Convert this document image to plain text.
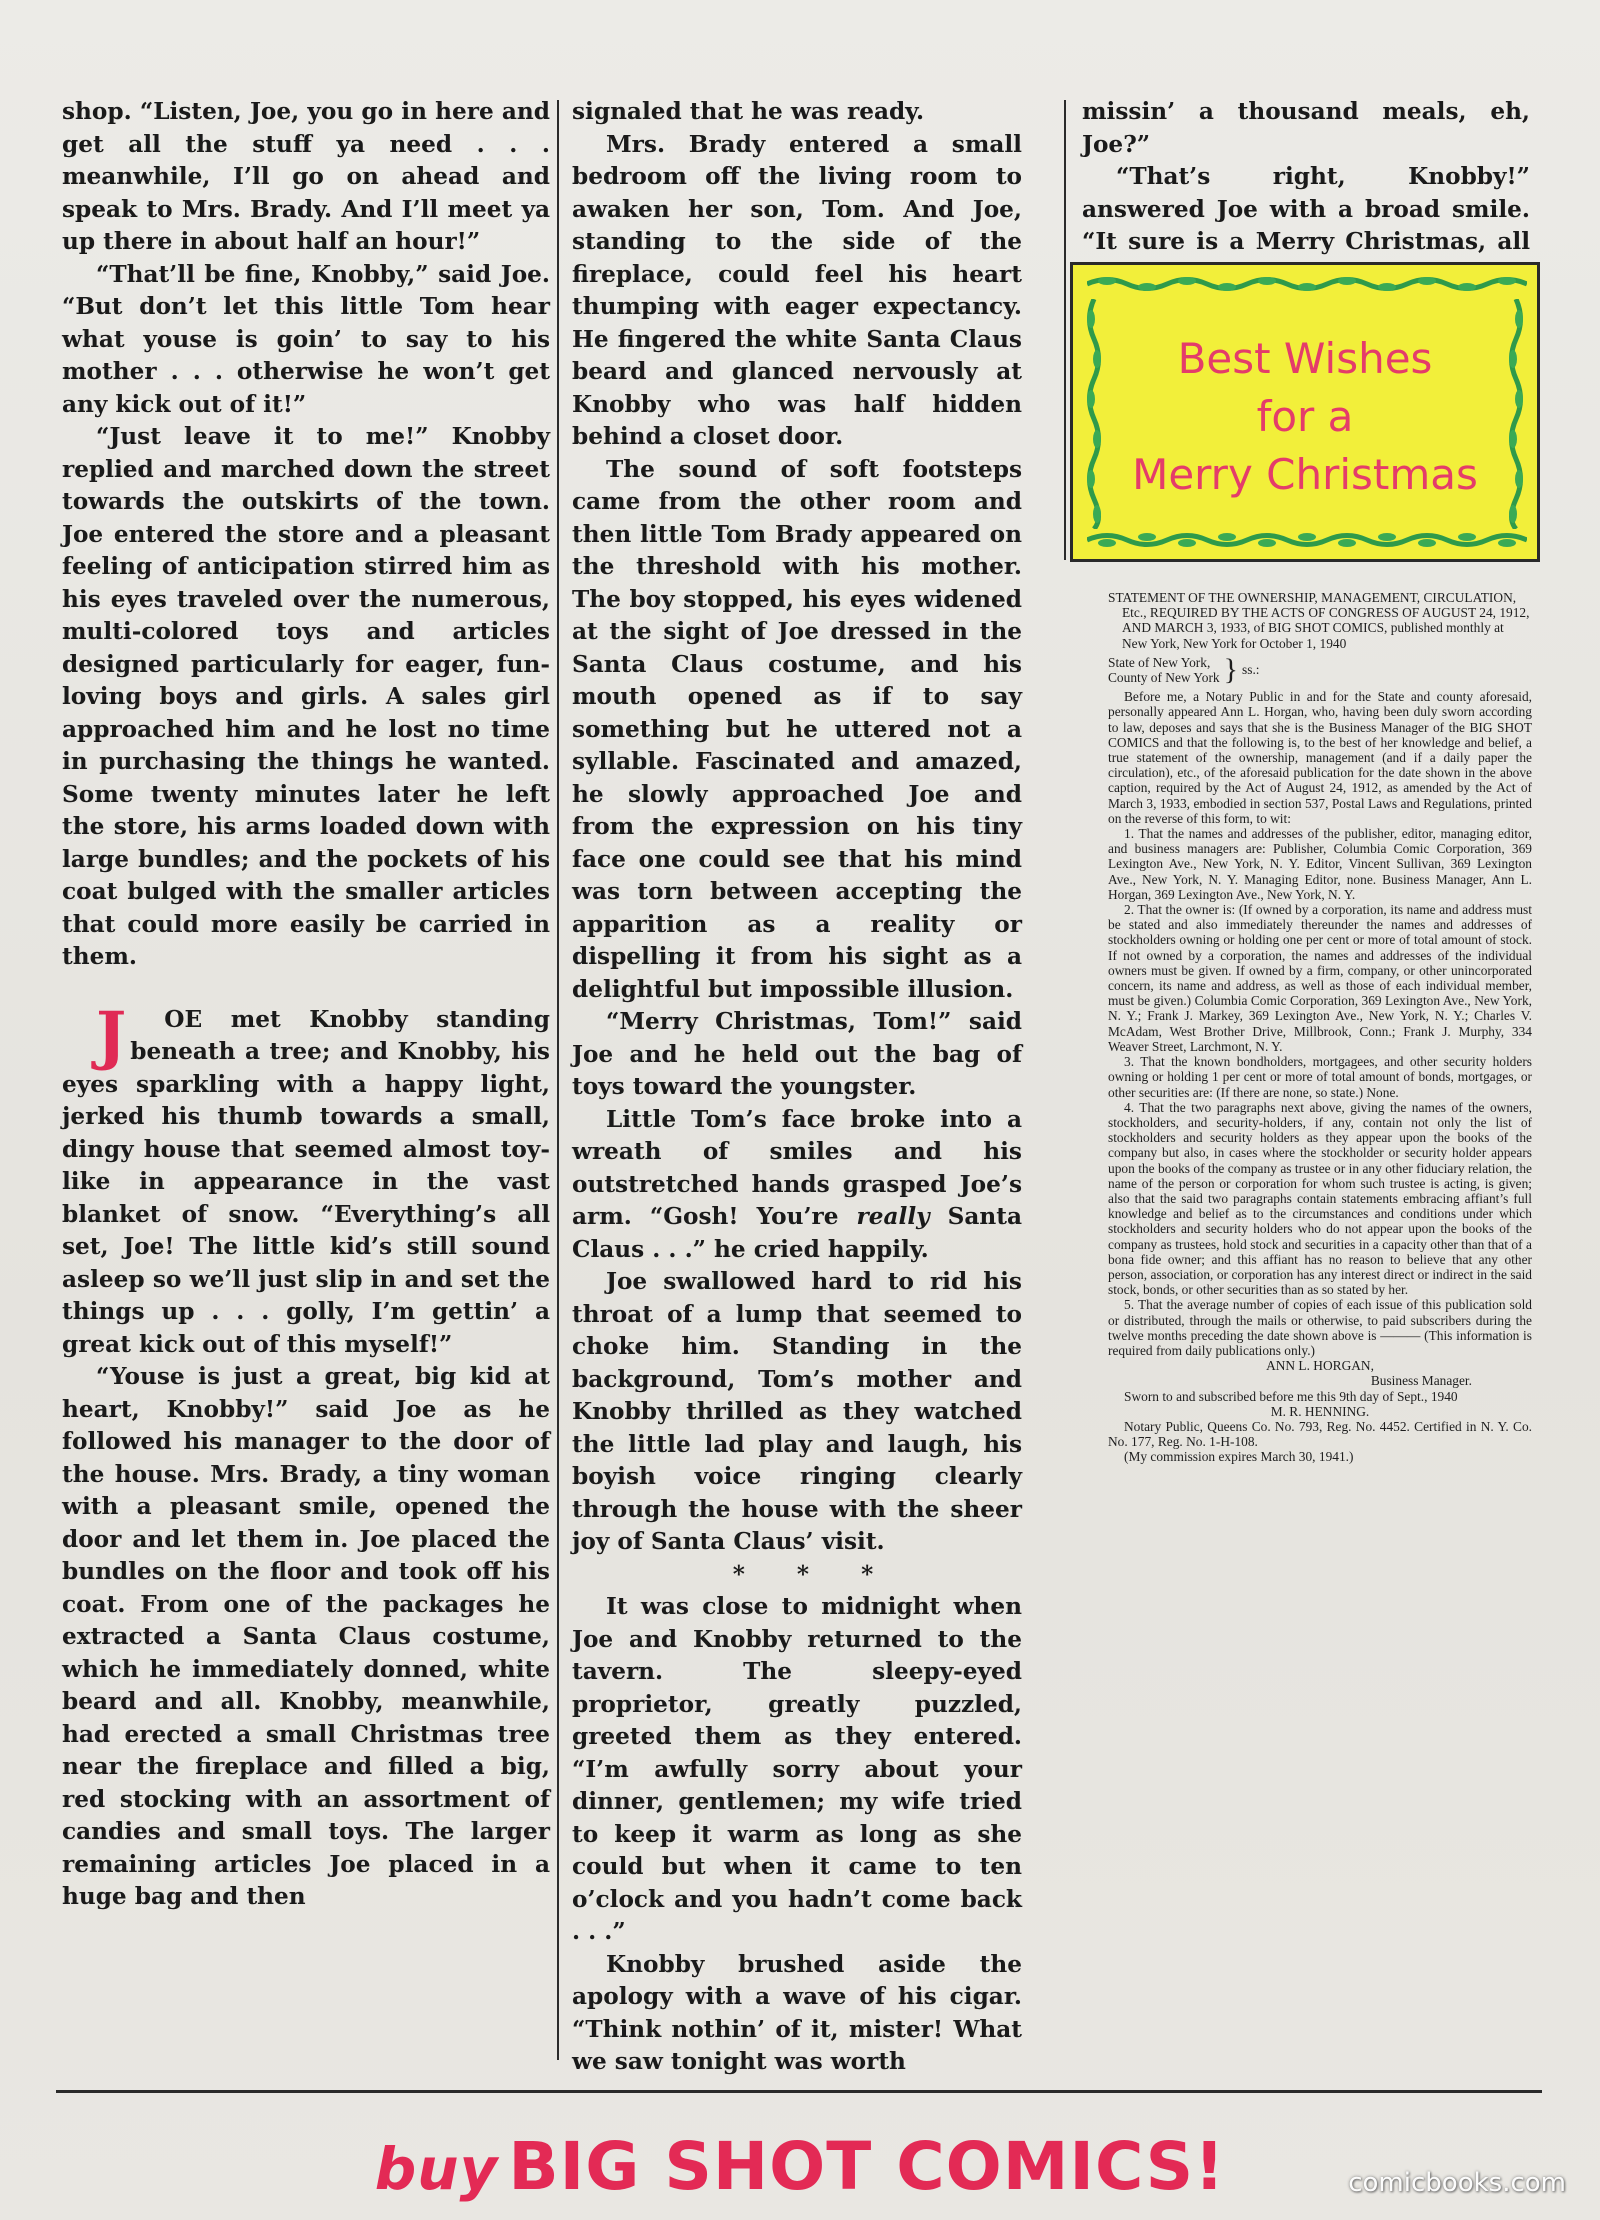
shop. “Listen, Joe, you go in here and get all the stuff ya need . . . meanwhile, I’ll go on ahead and speak to Mrs. Brady. And I’ll meet ya up there in about half an hour!”

“That’ll be fine, Knobby,” said Joe. “But don’t let this little Tom hear what youse is goin’ to say to his mother . . . otherwise he won’t get any kick out of it!”

“Just leave it to me!” Knobby replied and marched down the street towards the outskirts of the town. Joe entered the store and a pleasant feeling of anticipation stirred him as his eyes traveled over the numerous, multi-colored toys and articles designed particularly for eager, fun-loving boys and girls. A sales girl approached him and he lost no time in purchasing the things he wanted. Some twenty minutes later he left the store, his arms loaded down with large bundles; and the pockets of his coat bulged with the smaller articles that could more easily be carried in them.

J OE met Knobby standing beneath a tree; and Knobby, his eyes sparkling with a happy light, jerked his thumb towards a small, dingy house that seemed almost toy-like in appearance in the vast blanket of snow. “Everything’s all set, Joe! The little kid’s still sound asleep so we’ll just slip in and set the things up . . . golly, I’m gettin’ a great kick out of this myself!”

“Youse is just a great, big kid at heart, Knobby!” said Joe as he followed his manager to the door of the house. Mrs. Brady, a tiny woman with a pleasant smile, opened the door and let them in. Joe placed the bundles on the floor and took off his coat. From one of the packages he extracted a Santa Claus costume, which he immediately donned, white beard and all. Knobby, meanwhile, had erected a small Christmas tree near the fireplace and filled a big, red stocking with an assortment of candies and small toys. The larger remaining articles Joe placed in a huge bag and then

signaled that he was ready.

Mrs. Brady entered a small bedroom off the living room to awaken her son, Tom. And Joe, standing to the side of the fireplace, could feel his heart thumping with eager expectancy. He fingered the white Santa Claus beard and glanced nervously at Knobby who was half hidden behind a closet door.

The sound of soft footsteps came from the other room and then little Tom Brady appeared on the threshold with his mother. The boy stopped, his eyes widened at the sight of Joe dressed in the Santa Claus costume, and his mouth opened as if to say something but he uttered not a syllable. Fascinated and amazed, he slowly approached Joe and from the expression on his tiny face one could see that his mind was torn between accepting the apparition as a reality or dispelling it from his sight as a delightful but impossible illusion.

“Merry Christmas, Tom!” said Joe and he held out the bag of toys toward the youngster.

Little Tom’s face broke into a wreath of smiles and his outstretched hands grasped Joe’s arm. “Gosh! You’re really Santa Claus . . .” he cried happily.

Joe swallowed hard to rid his throat of a lump that seemed to choke him. Standing in the background, Tom’s mother and Knobby thrilled as they watched the little lad play and laugh, his boyish voice ringing clearly through the house with the sheer joy of Santa Claus’ visit.

* * *

It was close to midnight when Joe and Knobby returned to the tavern. The sleepy-eyed proprietor, greatly puzzled, greeted them as they entered. “I’m awfully sorry about your dinner, gentlemen; my wife tried to keep it warm as long as she could but when it came to ten o’clock and you hadn’t come back . . .”

Knobby brushed aside the apology with a wave of his cigar. “Think nothin’ of it, mister! What we saw tonight was worth

missin’ a thousand meals, eh, Joe?”

“That’s right, Knobby!” answered Joe with a broad smile. “It sure is a Merry Christmas, all

Best Wishes
for a
Merry Christmas
STATEMENT OF THE OWNERSHIP, MANAGEMENT, CIRCULATION, Etc., REQUIRED BY THE ACTS OF CONGRESS OF AUGUST 24, 1912, AND MARCH 3, 1933, of BIG SHOT COMICS, published monthly at New York, New York for October 1, 1940
State of New York,
County of New York } ss.:

Before me, a Notary Public in and for the State and county aforesaid, personally appeared Ann L. Horgan, who, having been duly sworn according to law, deposes and says that she is the Business Manager of the BIG SHOT COMICS and that the following is, to the best of her knowledge and belief, a true statement of the ownership, management (and if a daily paper the circulation), etc., of the aforesaid publication for the date shown in the above caption, required by the Act of August 24, 1912, as amended by the Act of March 3, 1933, embodied in section 537, Postal Laws and Regulations, printed on the reverse of this form, to wit:

1. That the names and addresses of the publisher, editor, managing editor, and business managers are: Publisher, Columbia Comic Corporation, 369 Lexington Ave., New York, N. Y. Editor, Vincent Sullivan, 369 Lexington Ave., New York, N. Y. Managing Editor, none. Business Manager, Ann L. Horgan, 369 Lexington Ave., New York, N. Y.

2. That the owner is: (If owned by a corporation, its name and address must be stated and also immediately thereunder the names and addresses of stockholders owning or holding one per cent or more of total amount of stock. If not owned by a corporation, the names and addresses of the individual owners must be given. If owned by a firm, company, or other unincorporated concern, its name and address, as well as those of each individual member, must be given.) Columbia Comic Corporation, 369 Lexington Ave., New York, N. Y.; Frank J. Markey, 369 Lexington Ave., New York, N. Y.; Charles V. McAdam, West Brother Drive, Millbrook, Conn.; Frank J. Murphy, 334 Weaver Street, Larchmont, N. Y.

3. That the known bondholders, mortgagees, and other security holders owning or holding 1 per cent or more of total amount of bonds, mortgages, or other securities are: (If there are none, so state.) None.

4. That the two paragraphs next above, giving the names of the owners, stockholders, and security-holders, if any, contain not only the list of stockholders and security holders as they appear upon the books of the company but also, in cases where the stockholder or security holder appears upon the books of the company as trustee or in any other fiduciary relation, the name of the person or corporation for whom such trustee is acting, is given; also that the said two paragraphs contain statements embracing affiant’s full knowledge and belief as to the circumstances and conditions under which stockholders and security holders who do not appear upon the books of the company as trustees, hold stock and securities in a capacity other than that of a bona fide owner; and this affiant has no reason to believe that any other person, association, or corporation has any interest direct or indirect in the said stock, bonds, or other securities than as so stated by her.

5. That the average number of copies of each issue of this publication sold or distributed, through the mails or otherwise, to paid subscribers during the twelve months preceding the date shown above is ——— (This information is required from daily publications only.)

ANN L. HORGAN,

Business Manager.

Sworn to and subscribed before me this 9th day of Sept., 1940

M. R. HENNING.

Notary Public, Queens Co. No. 793, Reg. No. 4452. Certified in N. Y. Co. No. 177, Reg. No. 1-H-108.

(My commission expires March 30, 1941.)

buy BIG SHOT COMICS!	comicbooks.com
